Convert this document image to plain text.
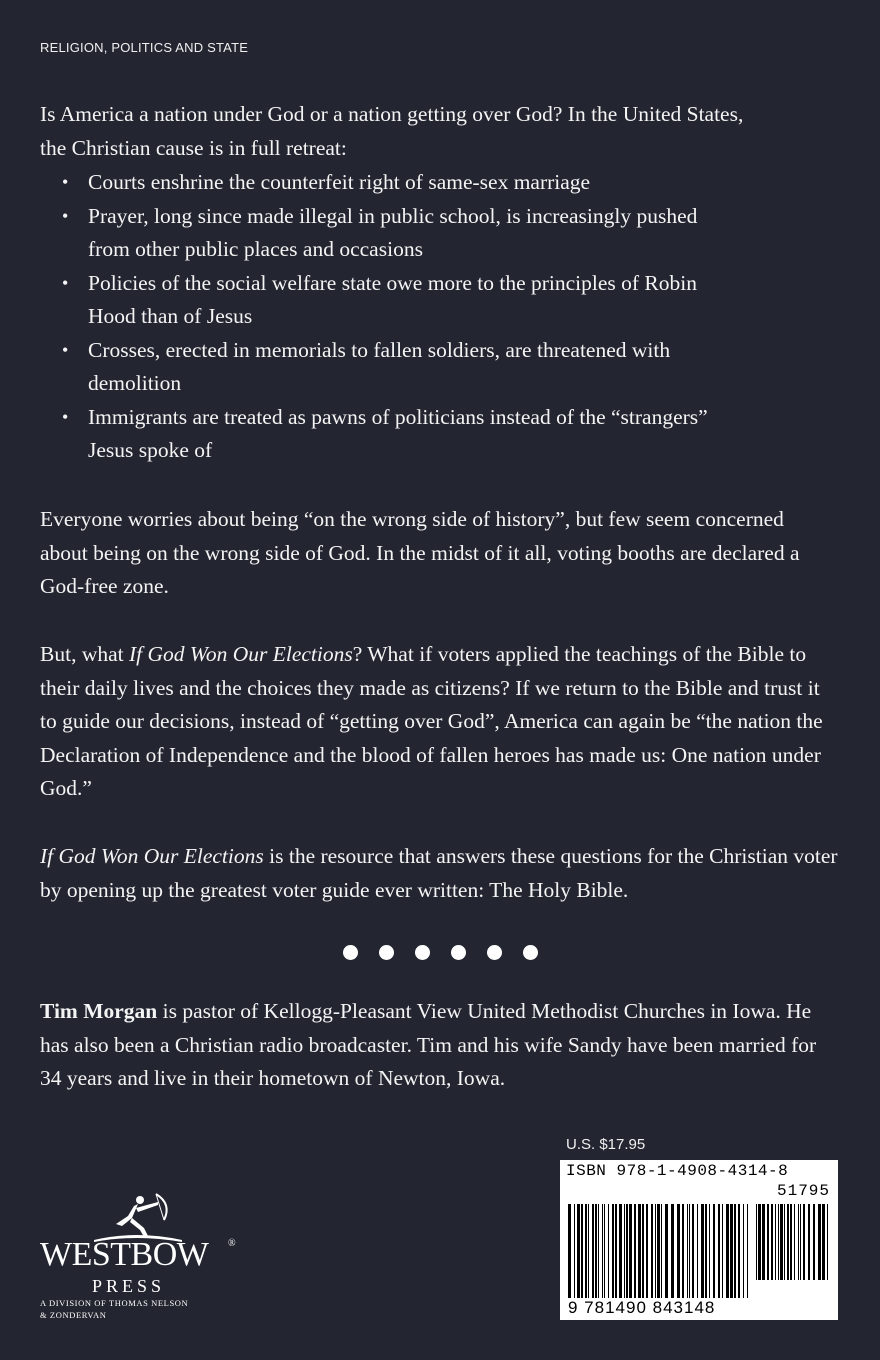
RELIGION, POLITICS AND STATE
Is America a nation under God or a nation getting over God? In the United States,
the Christian cause is in full retreat:
• Courts enshrine the counterfeit right of same-sex marriage
• Prayer, long since made illegal in public school, is increasingly pushed from other public places and occasions
• Policies of the social welfare state owe more to the principles of Robin Hood than of Jesus
• Crosses, erected in memorials to fallen soldiers, are threatened with demolition
• Immigrants are treated as pawns of politicians instead of the “strangers” Jesus spoke of
Everyone worries about being “on the wrong side of history”, but few seem concerned about being on the wrong side of God. In the midst of it all, voting booths are declared a God-free zone.
But, what If God Won Our Elections? What if voters applied the teachings of the Bible to their daily lives and the choices they made as citizens? If we return to the Bible and trust it to guide our decisions, instead of “getting over God”, America can again be “the nation the Declaration of Independence and the blood of fallen heroes has made us: One nation under God.”
If God Won Our Elections is the resource that answers these questions for the Christian voter by opening up the greatest voter guide ever written: The Holy Bible.
Tim Morgan is pastor of Kellogg-Pleasant View United Methodist Churches in Iowa. He has also been a Christian radio broadcaster. Tim and his wife Sandy have been married for 34 years and live in their hometown of Newton, Iowa.
U.S. $17.95
ISBN 978-1-4908-4314-8
51795
9 781490 843148
WESTBOW ®
PRESS
A DIVISION OF THOMAS NELSON
& ZONDERVAN
